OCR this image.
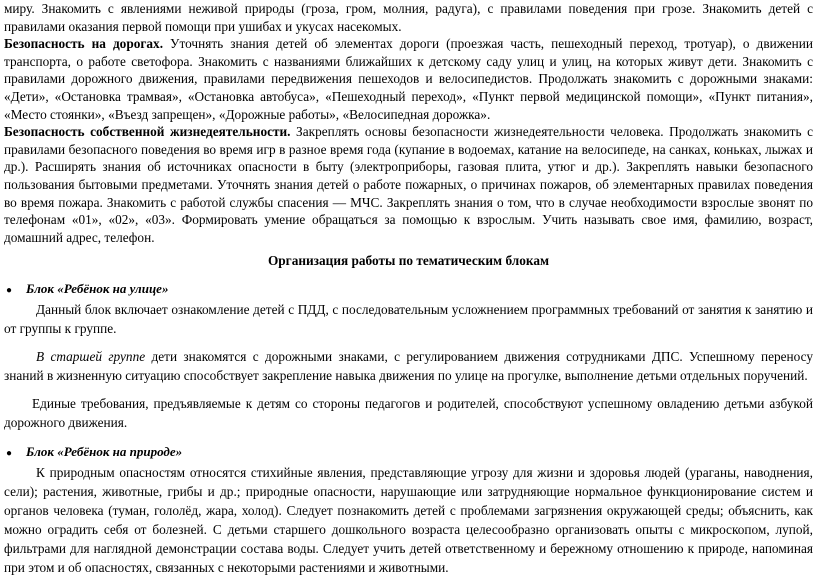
миру. Знакомить с явлениями неживой природы (гроза, гром, молния, радуга), с правилами поведения при грозе. Знакомить детей с правилами оказания первой помощи при ушибах и укусах насекомых.
Безопасность на дорогах. Уточнять знания детей об элементах дороги (проезжая часть, пешеходный переход, тротуар), о движении транспорта, о работе светофора. Знакомить с названиями ближайших к детскому саду улиц и улиц, на которых живут дети. Знакомить с правилами дорожного движения, правилами передвижения пешеходов и велосипедистов. Продолжать знакомить с дорожными знаками: «Дети», «Остановка трамвая», «Остановка автобуса», «Пешеходный переход», «Пункт первой медицинской помощи», «Пункт питания», «Место стоянки», «Въезд запрещен», «Дорожные работы», «Велосипедная дорожка».
Безопасность собственной жизнедеятельности. Закреплять основы безопасности жизнедеятельности человека. Продолжать знакомить с правилами безопасного поведения во время игр в разное время года (купание в водоемах, катание на велосипеде, на санках, коньках, лыжах и др.). Расширять знания об источниках опасности в быту (электроприборы, газовая плита, утюг и др.). Закреплять навыки безопасного пользования бытовыми предметами. Уточнять знания детей о работе пожарных, о причинах пожаров, об элементарных правилах поведения во время пожара. Знакомить с работой службы спасения — МЧС. Закреплять знания о том, что в случае необходимости взрослые звонят по телефонам «01», «02», «03». Формировать умение обращаться за помощью к взрослым. Учить называть свое имя, фамилию, возраст, домашний адрес, телефон.

Организация работы по тематическим блокам
●	Блок «Ребёнок на улице»

Данный блок включает ознакомление детей с ПДД, с последовательным усложнением программных требований от занятия к занятию и от группы к группе.

В старшей группе дети знакомятся с дорожными знаками, с регулированием движения сотрудниками ДПС. Успешному переносу знаний в жизненную ситуацию способствует закрепление навыка движения по улице на прогулке, выполнение детьми отдельных поручений.

Единые требования, предъявляемые к детям со стороны педагогов и родителей, способствуют успешному овладению детьми азбукой дорожного движения.

●	Блок «Ребёнок на природе»

К природным опасностям относятся стихийные явления, представляющие угрозу для жизни и здоровья людей (ураганы, наводнения, сели); растения, животные, грибы и др.; природные опасности, нарушающие или затрудняющие нормальное функционирование систем и органов человека (туман, гололёд, жара, холод). Следует познакомить детей с проблемами загрязнения окружающей среды; объяснить, как можно оградить себя от болезней. С детьми старшего дошкольного возраста целесообразно организовать опыты с микроскопом, лупой, фильтрами для наглядной демонстрации состава воды. Следует учить детей ответственному и бережному отношению к природе, напоминая при этом и об опасностях, связанных с некоторыми растениями и животными.
